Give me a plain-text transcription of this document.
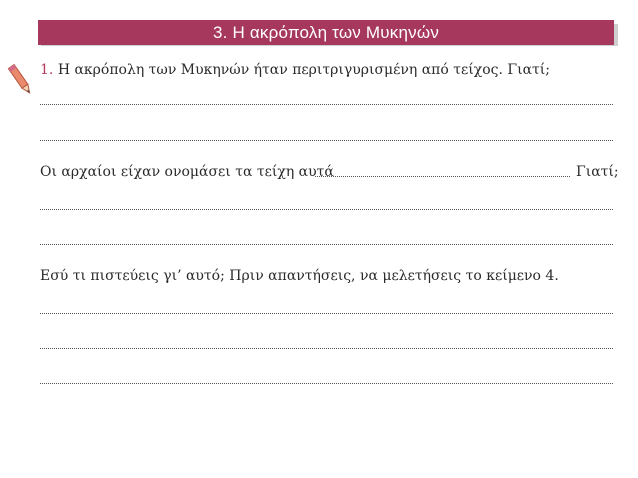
3. Η ακρόπολη των Μυκηνών
1. Η ακρόπολη των Μυκηνών ήταν περιτριγυρισμένη από τείχος. Γιατί;
Οι αρχαίοι είχαν ονομάσει τα τείχη αυτά	Γιατί;
Εσύ τι πιστεύεις γι’ αυτό; Πριν απαντήσεις, να μελετήσεις το κείμενο 4.
